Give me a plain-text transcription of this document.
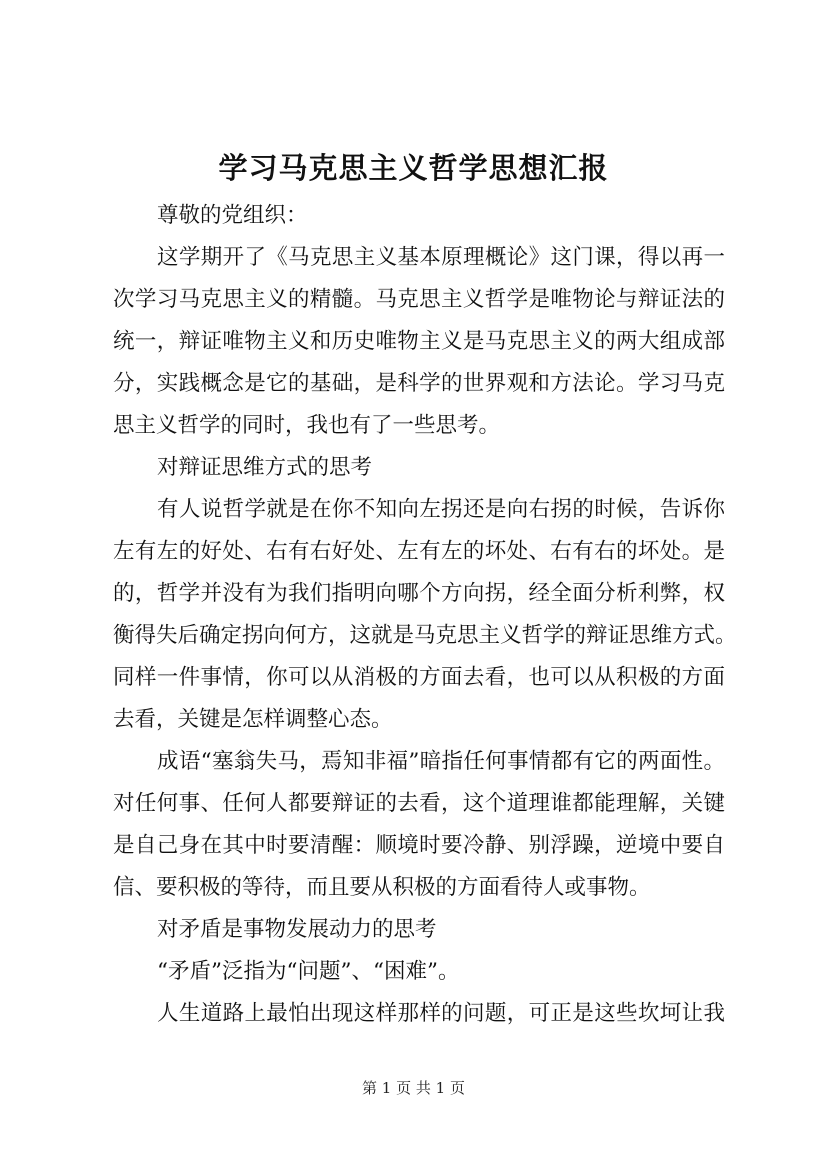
学习马克思主义哲学思想汇报
尊敬的党组织：
这学期开了《马克思主义基本原理概论》这门课，得以再一
次学习马克思主义的精髓。马克思主义哲学是唯物论与辩证法的
统一，辩证唯物主义和历史唯物主义是马克思主义的两大组成部
分，实践概念是它的基础，是科学的世界观和方法论。学习马克
思主义哲学的同时，我也有了一些思考。
对辩证思维方式的思考
有人说哲学就是在你不知向左拐还是向右拐的时候，告诉你
左有左的好处、右有右好处、左有左的坏处、右有右的坏处。是
的，哲学并没有为我们指明向哪个方向拐，经全面分析利弊，权
衡得失后确定拐向何方，这就是马克思主义哲学的辩证思维方式。
同样一件事情，你可以从消极的方面去看，也可以从积极的方面
去看，关键是怎样调整心态。
成语“塞翁失马，焉知非福”暗指任何事情都有它的两面性。
对任何事、任何人都要辩证的去看，这个道理谁都能理解，关键
是自己身在其中时要清醒：顺境时要冷静、别浮躁，逆境中要自
信、要积极的等待，而且要从积极的方面看待人或事物。
对矛盾是事物发展动力的思考
“矛盾”泛指为“问题”、“困难”。
人生道路上最怕出现这样那样的问题，可正是这些坎坷让我
第 1 页 共 1 页
